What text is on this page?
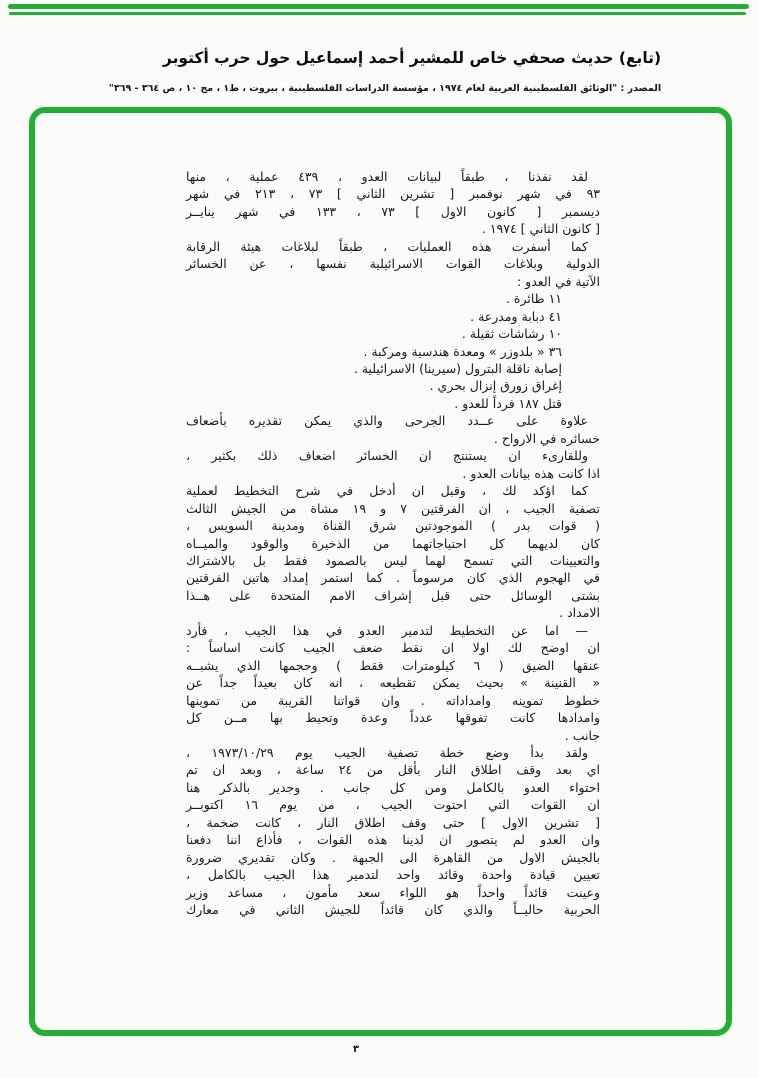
(تابع) حديث صحفي خاص للمشير أحمد إسماعيل حول حرب أكتوبر
المصدر : "الوثائق الفلسطينية العربية لعام ١٩٧٤ ، مؤسسة الدراسات الفلسطينية ، بيروت ، ط١ ، مج ١٠ ، ص ٣٦٤ - ٣٦٩"
لقد نفذنا ، طبقاً لبيانات العدو ، ٤٣٩ عملية ، منها
٩٣ في شهر نوفمبر [ تشرين الثاني ] ٧٣ ، ٢١٣ في شهر
ديسمبر [ كانون الاول ] ٧٣ ، ١٣٣ في شهر ينايــر
[ كانون الثاني ] ١٩٧٤ .
كما أسفرت هذه العمليات ، طبقاً لبلاغات هيئة الرقابة
الدولية وبلاغات القوات الاسرائيلية نفسها ، عن الخسائر
الآتية في العدو :
١١ طائرة .
٤١ دبابة ومدرعة .
١٠ رشاشات ثقيلة .
٣٦ « بلدوزر » ومعدة هندسية ومركبة .
إصابة ناقلة البترول (سيرينا) الاسرائيلية .
إغراق زورق إنزال بحري .
قتل ١٨٧ فرداً للعدو .
علاوة على عــدد الجرحى والذي يمكن تقديره بأضعاف
خسائره في الارواح .
وللقارىء ان يستنتج ان الخسائر اضعاف ذلك بكثير ،
اذا كانت هذه بيانات العدو .
كما اؤكد لك ، وقبل ان أدخل في شرح التخطيط لعملية
تصفية الجيب ، ان الفرقتين ٧ و ١٩ مشاة من الجيش الثالث
( قوات بدر ) الموجودتين شرق القناة ومدينة السويس ،
كان لديهما كل احتياجاتهما من الذخيرة والوقود والميــاه
والتعيينات التي تسمح لهما ليس بالصمود فقط بل بالاشتراك
في الهجوم الذي كان مرسوماً . كما استمر إمداد هاتين الفرقتين
بشتى الوسائل حتى قبل إشراف الامم المتحدة على هــذا
الامداد .
— اما عن التخطيط لتدمير العدو في هذا الجيب ، فأرد
ان اوضح لك اولا ان نقط ضعف الجيب كانت اساساً :
عنقها الضيق ( ٦ كيلومترات فقط ) وحجمها الذي يشبــه
« القنينة » بحيث يمكن تقطيعه ، انه كان بعيداً جداً عن
خطوط تموينه وامداداته . وان قواتنا القريبة من تموينها
وامدادها كانت تفوقها عدداً وعدة وتحيط بها مــن كل
جانب .
ولقد بدأ وضع خطة تصفية الجيب يوم ١٩٧٣/١٠/٢٩ ،
اي بعد وقف اطلاق النار بأقل من ٢٤ ساعة ، وبعد ان تم
احتواء العدو بالكامل ومن كل جانب . وجدير بالذكر هنا
ان القوات التي احتوت الجيب ، من يوم ١٦ اكتوبــر
[ تشرين الاول ] حتى وقف اطلاق النار ، كانت ضخمة ،
وان العدو لم يتصور ان لدينا هذه القوات ، فأذاع اننا دفعنا
بالجيش الاول من القاهرة الى الجبهة . وكان تقديري ضرورة
تعيين قيادة واحدة وقائد واحد لتدمير هذا الجيب بالكامل ،
وعينت قائداً واحداً هو اللواء سعد مأمون ، مساعد وزير
الحربية حاليــاً والذي كان قائداً للجيش الثاني في معارك
٣
